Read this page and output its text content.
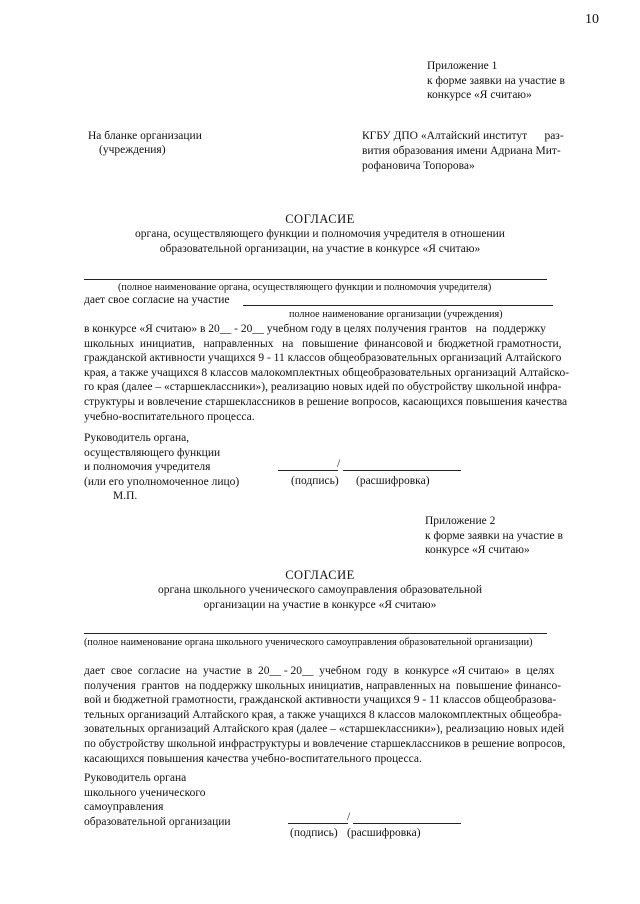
10
Приложение 1
к форме заявки на участие в
конкурсе «Я считаю»
На бланке организации
(учреждения)
КГБУ ДПО «Алтайский институт      раз-
вития образования имени Адриана Мит-
рофановича Топорова»
СОГЛАСИЕ
органа, осуществляющего функции и полномочия учредителя в отношении
образовательной организации, на участие в конкурсе «Я считаю»
(полное наименование органа, осуществляющего функции и полномочия учредителя)
дает свое согласие на участие
полное наименование организации (учреждения)
в конкурсе «Я считаю» в 20__ - 20__ учебном году в целях получения грантов   на  поддержку
школьных  инициатив,   направленных   на   повышение  финансовой и  бюджетной грамотности,
гражданской активности учащихся 9 - 11 классов общеобразовательных организаций Алтайского
края, а также учащихся 8 классов малокомплектных общеобразовательных организаций Алтайско-
го края (далее – «старшеклассники»), реализацию новых идей по обустройству школьной инфра-
структуры и вовлечение старшеклассников в решение вопросов, касающихся повышения качества
учебно-воспитательного процесса.
Руководитель органа,
осуществляющего функции
и полномочия учредителя
(или его уполномоченное лицо)
М.П.
/
(подпись) (расшифровка)
Приложение 2
к форме заявки на участие в
конкурсе «Я считаю»
СОГЛАСИЕ
органа школьного ученического самоуправления образовательной
организации на участие в конкурсе «Я считаю»
(полное наименование органа школьного ученического самоуправления образовательной организации)
дает  свое  согласие  на  участие  в  20__ - 20__  учебном  году  в  конкурсе «Я считаю»  в  целях
получения  грантов  на поддержку школьных инициатив, направленных на  повышение финансо-
вой и бюджетной грамотности, гражданской активности учащихся 9 - 11 классов общеобразова-
тельных организаций Алтайского края, а также учащихся 8 классов малокомплектных общеобра-
зовательных организаций Алтайского края (далее – «старшеклассники»), реализацию новых идей
по обустройству школьной инфраструктуры и вовлечение старшеклассников в решение вопросов,
касающихся повышения качества учебно-воспитательного процесса.
Руководитель органа
школьного ученического
самоуправления
образовательной организации	/
(подпись) (расшифровка)
